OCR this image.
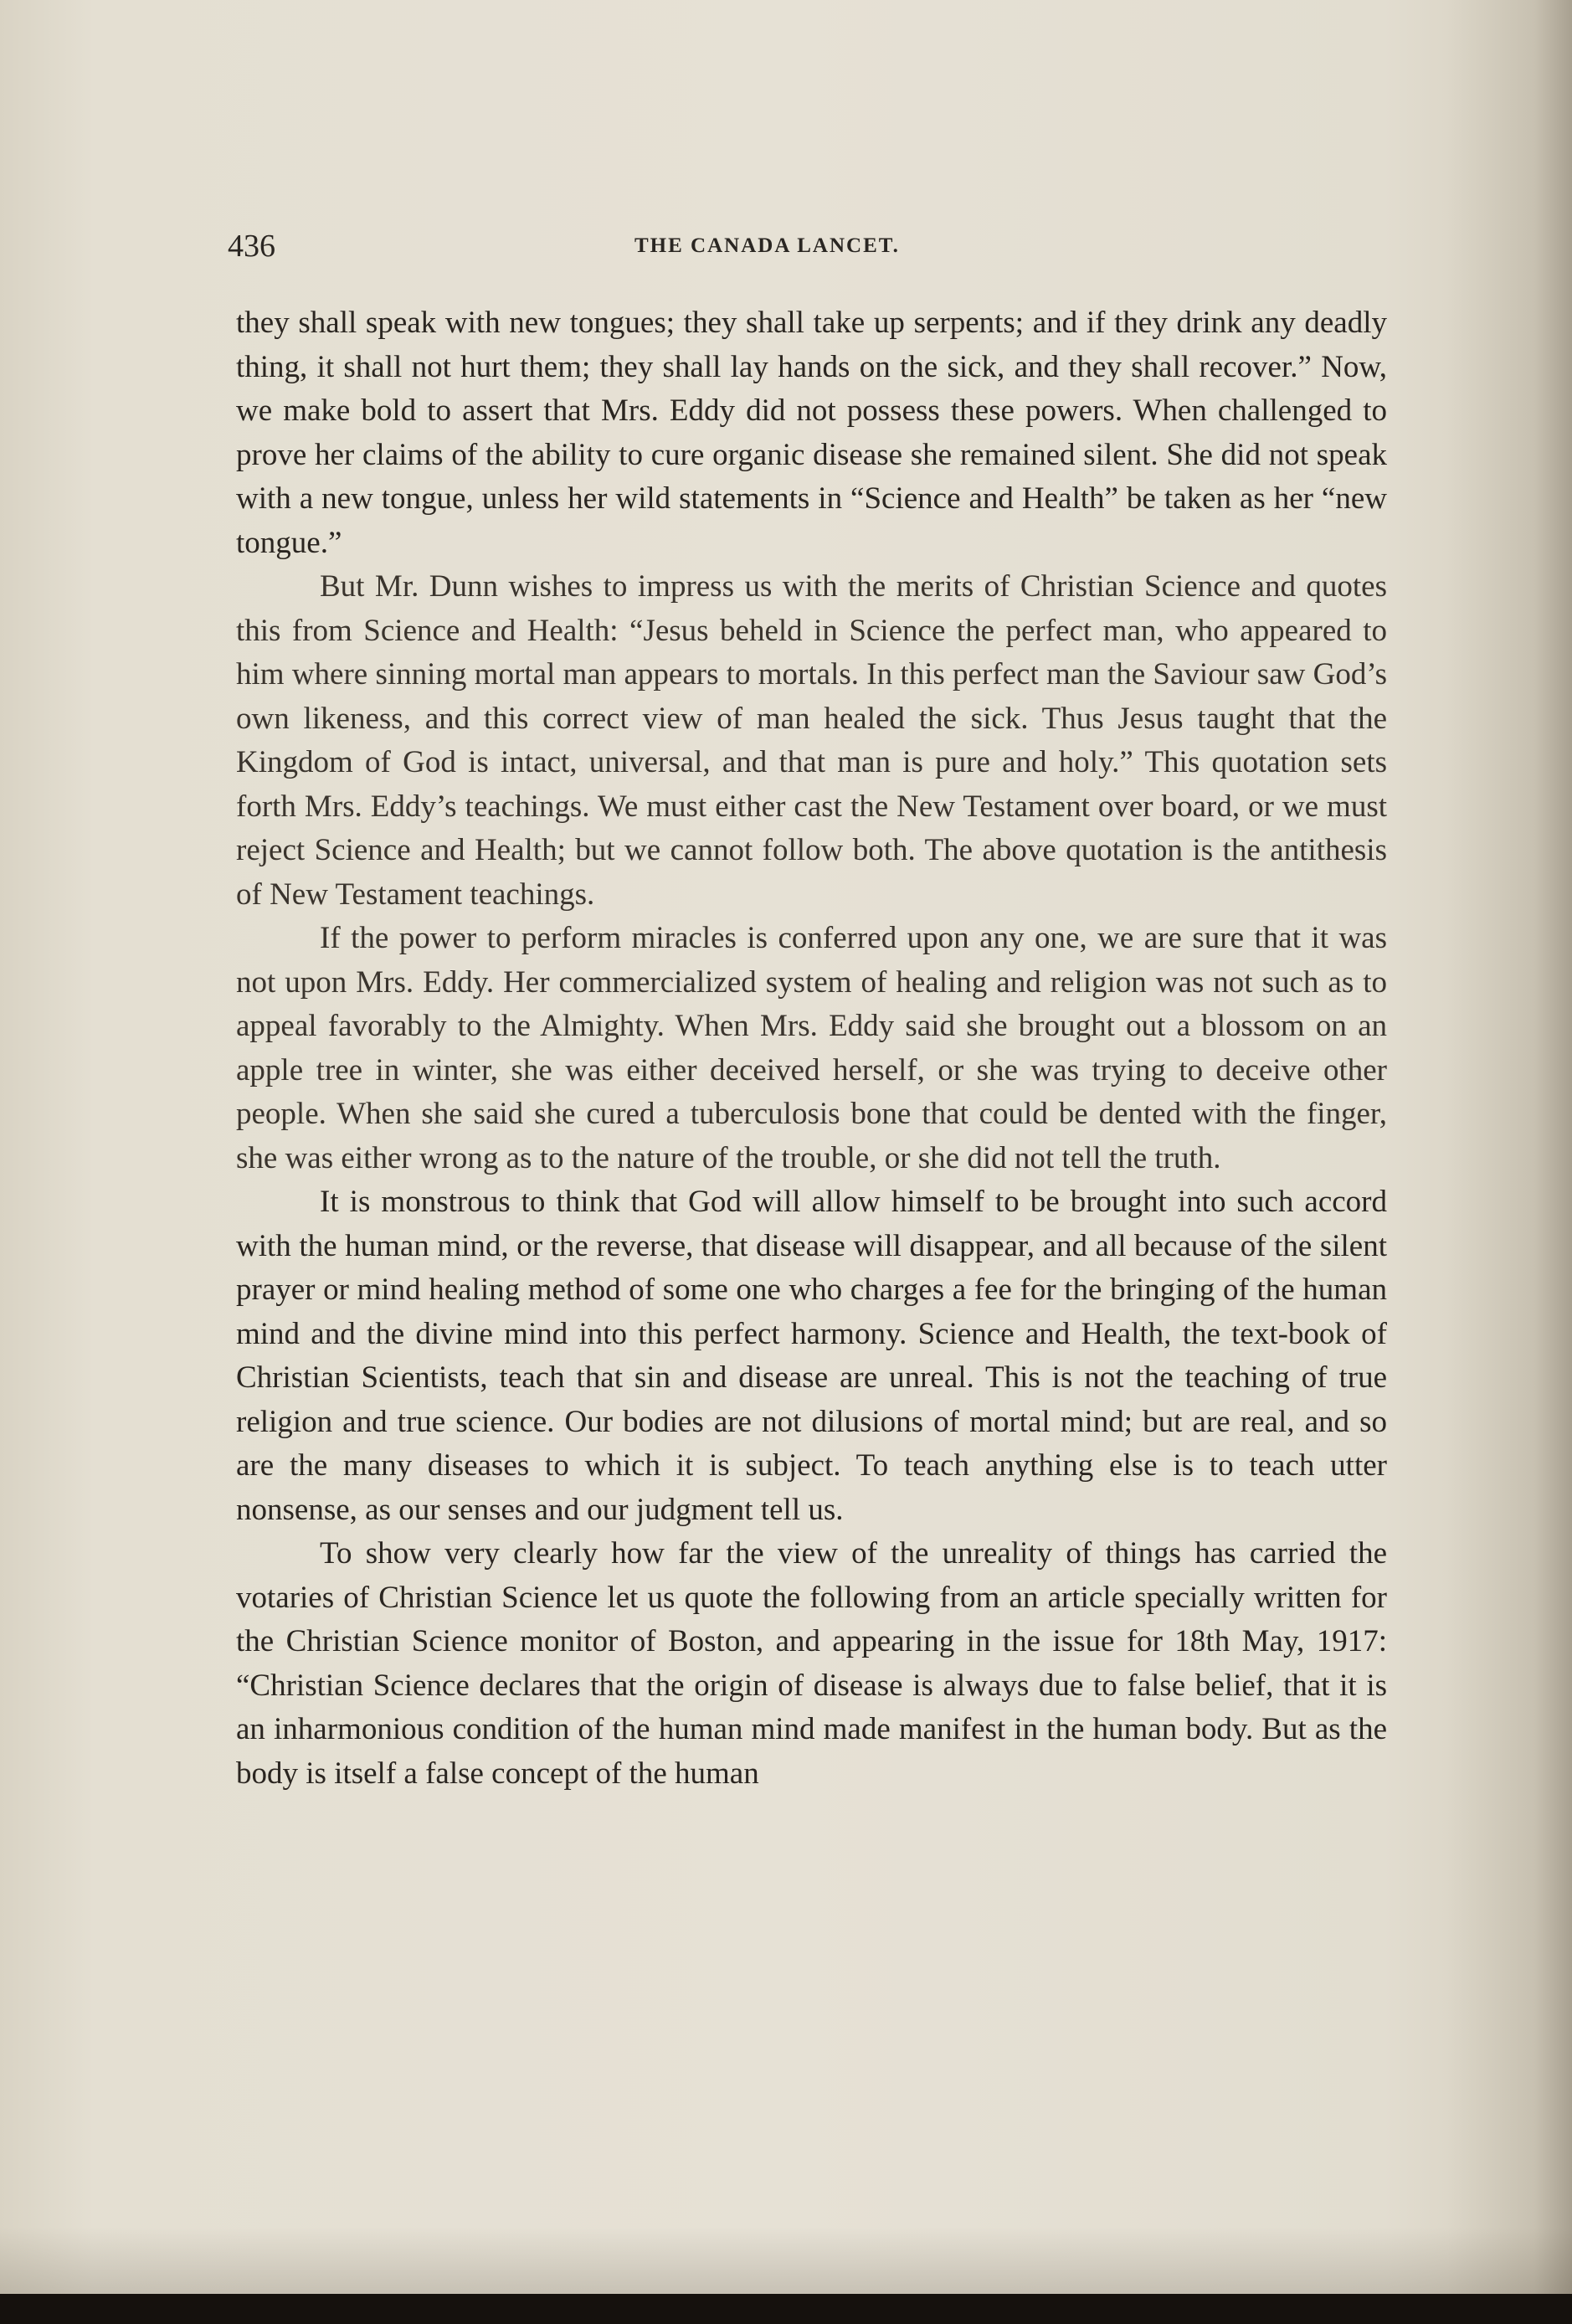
436	THE CANADA LANCET.

they shall speak with new tongues; they shall take up serpents; and if they drink any deadly thing, it shall not hurt them; they shall lay hands on the sick, and they shall recover.” Now, we make bold to assert that Mrs. Eddy did not possess these powers. When challenged to prove her claims of the ability to cure organic disease she remained silent. She did not speak with a new tongue, unless her wild statements in “Science and Health” be taken as her “new tongue.”

But Mr. Dunn wishes to impress us with the merits of Christian Science and quotes this from Science and Health: “Jesus beheld in Science the perfect man, who appeared to him where sinning mortal man appears to mortals. In this perfect man the Saviour saw God’s own likeness, and this correct view of man healed the sick. Thus Jesus taught that the Kingdom of God is intact, universal, and that man is pure and holy.” This quotation sets forth Mrs. Eddy’s teachings. We must either cast the New Testament over board, or we must reject Science and Health; but we cannot follow both. The above quotation is the antithesis of New Testament teachings.

If the power to perform miracles is conferred upon any one, we are sure that it was not upon Mrs. Eddy. Her commercialized system of healing and religion was not such as to appeal favorably to the Almighty. When Mrs. Eddy said she brought out a blossom on an apple tree in winter, she was either deceived herself, or she was trying to deceive other people. When she said she cured a tuberculosis bone that could be dented with the finger, she was either wrong as to the nature of the trouble, or she did not tell the truth.

It is monstrous to think that God will allow himself to be brought into such accord with the human mind, or the reverse, that disease will disappear, and all because of the silent prayer or mind healing method of some one who charges a fee for the bringing of the human mind and the divine mind into this perfect harmony. Science and Health, the text-book of Christian Scientists, teach that sin and disease are unreal. This is not the teaching of true religion and true science. Our bodies are not dilusions of mortal mind; but are real, and so are the many diseases to which it is subject. To teach anything else is to teach utter nonsense, as our senses and our judgment tell us.

To show very clearly how far the view of the unreality of things has carried the votaries of Christian Science let us quote the following from an article specially written for the Christian Science monitor of Boston, and appearing in the issue for 18th May, 1917: “Christian Science declares that the origin of disease is always due to false belief, that it is an inharmonious condition of the human mind made manifest in the human body. But as the body is itself a false concept of the human
